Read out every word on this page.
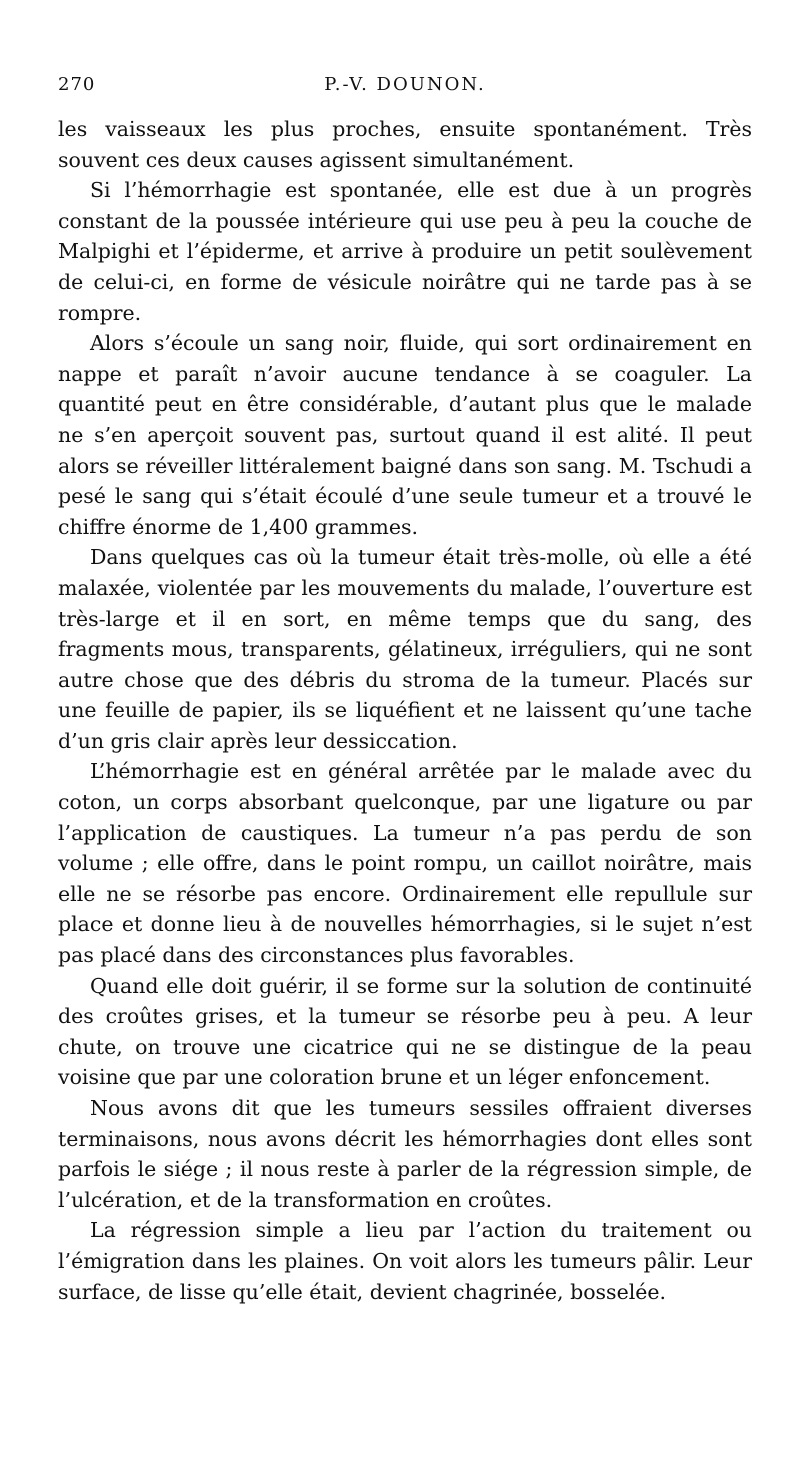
270	P.-V. DOUNON.

les vaisseaux les plus proches, ensuite spontanément. Très souvent ces deux causes agissent simultanément.

Si l’hémorrhagie est spontanée, elle est due à un progrès constant de la poussée intérieure qui use peu à peu la couche de Malpighi et l’épiderme, et arrive à produire un petit soulèvement de celui-ci, en forme de vésicule noirâtre qui ne tarde pas à se rompre.

Alors s’écoule un sang noir, fluide, qui sort ordinairement en nappe et paraît n’avoir aucune tendance à se coaguler. La quantité peut en être considérable, d’autant plus que le malade ne s’en aperçoit souvent pas, surtout quand il est alité. Il peut alors se réveiller littéralement baigné dans son sang. M. Tschudi a pesé le sang qui s’était écoulé d’une seule tumeur et a trouvé le chiffre énorme de 1,400 grammes.

Dans quelques cas où la tumeur était très-molle, où elle a été malaxée, violentée par les mouvements du malade, l’ouverture est très-large et il en sort, en même temps que du sang, des fragments mous, transparents, gélatineux, irréguliers, qui ne sont autre chose que des débris du stroma de la tumeur. Placés sur une feuille de papier, ils se liquéfient et ne laissent qu’une tache d’un gris clair après leur dessiccation.

L’hémorrhagie est en général arrêtée par le malade avec du coton, un corps absorbant quelconque, par une ligature ou par l’application de caustiques. La tumeur n’a pas perdu de son volume ; elle offre, dans le point rompu, un caillot noirâtre, mais elle ne se résorbe pas encore. Ordinairement elle repullule sur place et donne lieu à de nouvelles hémorrhagies, si le sujet n’est pas placé dans des circonstances plus favorables.

Quand elle doit guérir, il se forme sur la solution de continuité des croûtes grises, et la tumeur se résorbe peu à peu. A leur chute, on trouve une cicatrice qui ne se distingue de la peau voisine que par une coloration brune et un léger enfoncement.

Nous avons dit que les tumeurs sessiles offraient diverses terminaisons, nous avons décrit les hémorrhagies dont elles sont parfois le siége ; il nous reste à parler de la régression simple, de l’ulcération, et de la transformation en croûtes.

La régression simple a lieu par l’action du traitement ou l’émigration dans les plaines. On voit alors les tumeurs pâlir. Leur surface, de lisse qu’elle était, devient chagrinée, bosselée.
